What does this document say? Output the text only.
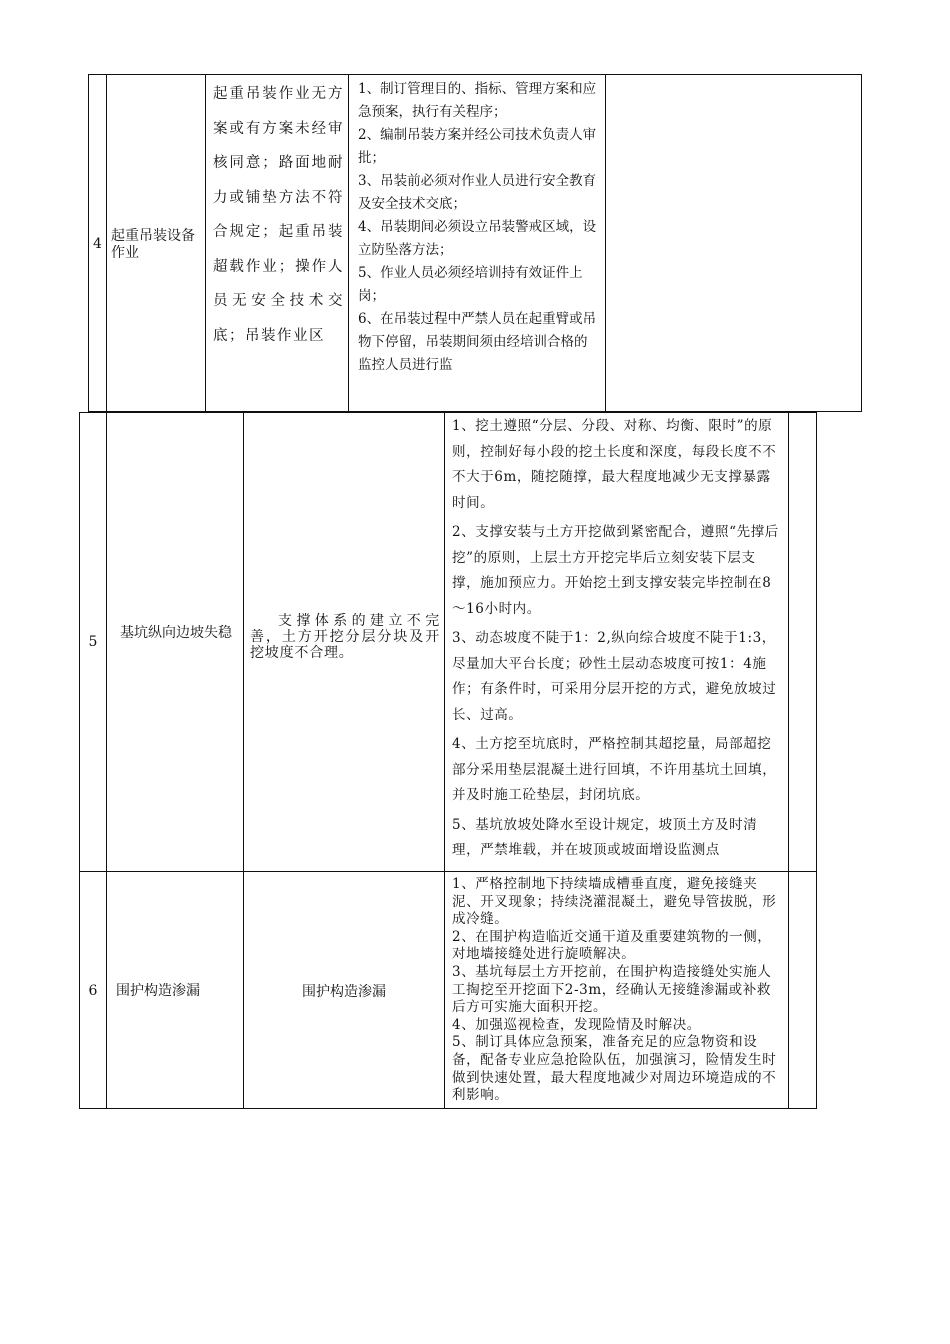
4 起重吊装设备作业
起重吊装作业无方案或有方案未经审核同意；路面地耐力或铺垫方法不符合规定；起重吊装超载作业；操作人员无安全技术交底；吊装作业区

1、制订管理目的、指标、管理方案和应急预案，执行有关程序；

2、编制吊装方案并经公司技术负责人审批；

3、吊装前必须对作业人员进行安全教育及安全技术交底；

4、吊装期间必须设立吊装警戒区域，设立防坠落方法；

5、作业人员必须经培训持有效证件上岗；

6、在吊装过程中严禁人员在起重臂或吊物下停留，吊装期间须由经培训合格的监控人员进行监

5
基坑纵向边坡失稳
支撑体系的建立不完善，土方开挖分层分块及开挖坡度不合理。

1、挖土遵照“分层、分段、对称、均衡、限时”的原则，控制好每小段的挖土长度和深度，每段长度不不不大于6m，随挖随撑，最大程度地减少无支撑暴露时间。

2、支撑安装与土方开挖做到紧密配合，遵照“先撑后挖”的原则，上层土方开挖完毕后立刻安装下层支撑，施加预应力。开始挖土到支撑安装完毕控制在8～16小时内。

3、动态坡度不陡于1：2,纵向综合坡度不陡于1:3，尽量加大平台长度；砂性土层动态坡度可按1：4施作；有条件时，可采用分层开挖的方式，避免放坡过长、过高。

4、土方挖至坑底时，严格控制其超挖量，局部超挖部分采用垫层混凝土进行回填，不许用基坑土回填，并及时施工砼垫层，封闭坑底。

5、基坑放坡处降水至设计规定，坡顶土方及时清理，严禁堆载，并在坡顶或坡面增设监测点

6 围护构造渗漏	围护构造渗漏

1、严格控制地下持续墙成槽垂直度，避免接缝夹泥、开叉现象；持续浇灌混凝土，避免导管拔脱，形成冷缝。

2、在围护构造临近交通干道及重要建筑物的一侧，对地墙接缝处进行旋喷解决。

3、基坑每层土方开挖前，在围护构造接缝处实施人工掏挖至开挖面下2-3m，经确认无接缝渗漏或补救后方可实施大面积开挖。

4、加强巡视检查，发现险情及时解决。

5、制订具体应急预案，准备充足的应急物资和设备，配备专业应急抢险队伍，加强演习，险情发生时做到快速处置，最大程度地减少对周边环境造成的不利影响。
